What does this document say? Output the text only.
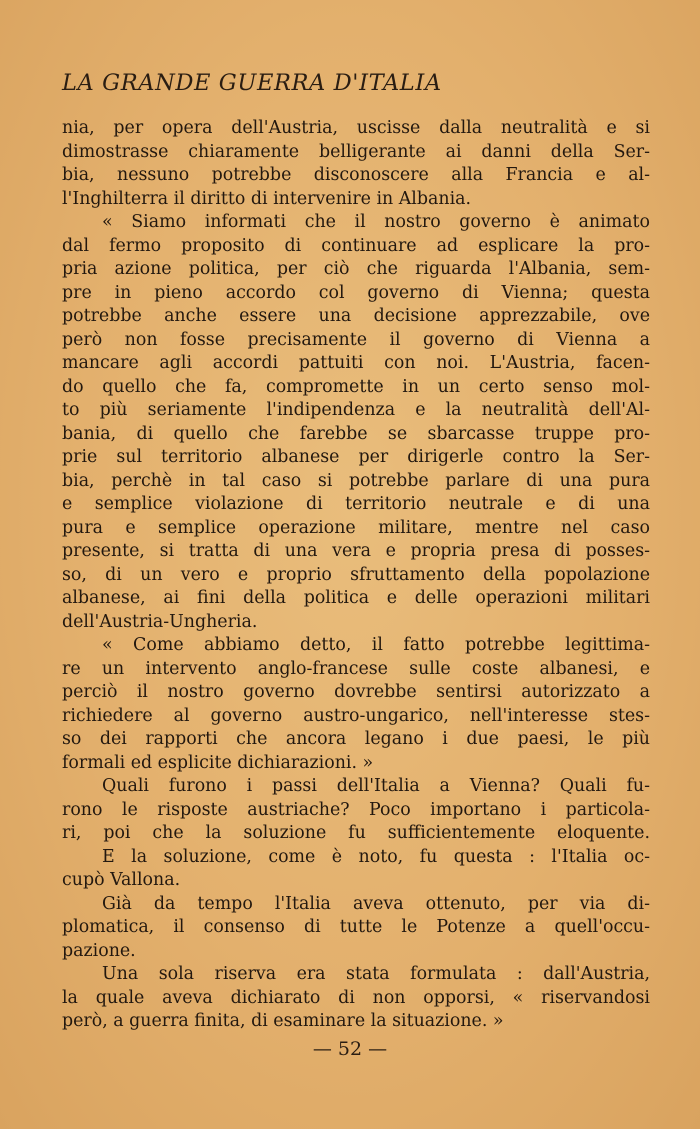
LA GRANDE GUERRA D'ITALIA
nia, per opera dell'Austria, uscisse dalla neutralità e si
dimostrasse chiaramente belligerante ai danni della Ser-
bia, nessuno potrebbe disconoscere alla Francia e al-
l'Inghilterra il diritto di intervenire in Albania.
« Siamo informati che il nostro governo è animato
dal fermo proposito di continuare ad esplicare la pro-
pria azione politica, per ciò che riguarda l'Albania, sem-
pre in pieno accordo col governo di Vienna; questa
potrebbe anche essere una decisione apprezzabile, ove
però non fosse precisamente il governo di Vienna a
mancare agli accordi pattuiti con noi. L'Austria, facen-
do quello che fa, compromette in un certo senso mol-
to più seriamente l'indipendenza e la neutralità dell'Al-
bania, di quello che farebbe se sbarcasse truppe pro-
prie sul territorio albanese per dirigerle contro la Ser-
bia, perchè in tal caso si potrebbe parlare di una pura
e semplice violazione di territorio neutrale e di una
pura e semplice operazione militare, mentre nel caso
presente, si tratta di una vera e propria presa di posses-
so, di un vero e proprio sfruttamento della popolazione
albanese, ai fini della politica e delle operazioni militari
dell'Austria-Ungheria.
« Come abbiamo detto, il fatto potrebbe legittima-
re un intervento anglo-francese sulle coste albanesi, e
perciò il nostro governo dovrebbe sentirsi autorizzato a
richiedere al governo austro-ungarico, nell'interesse stes-
so dei rapporti che ancora legano i due paesi, le più
formali ed esplicite dichiarazioni. »
Quali furono i passi dell'Italia a Vienna? Quali fu-
rono le risposte austriache? Poco importano i particola-
ri, poi che la soluzione fu sufficientemente eloquente.
E la soluzione, come è noto, fu questa : l'Italia oc-
cupò Vallona.
Già da tempo l'Italia aveva ottenuto, per via di-
plomatica, il consenso di tutte le Potenze a quell'occu-
pazione.
Una sola riserva era stata formulata : dall'Austria,
la quale aveva dichiarato di non opporsi, « riservandosi
però, a guerra finita, di esaminare la situazione. »
— 52 —
